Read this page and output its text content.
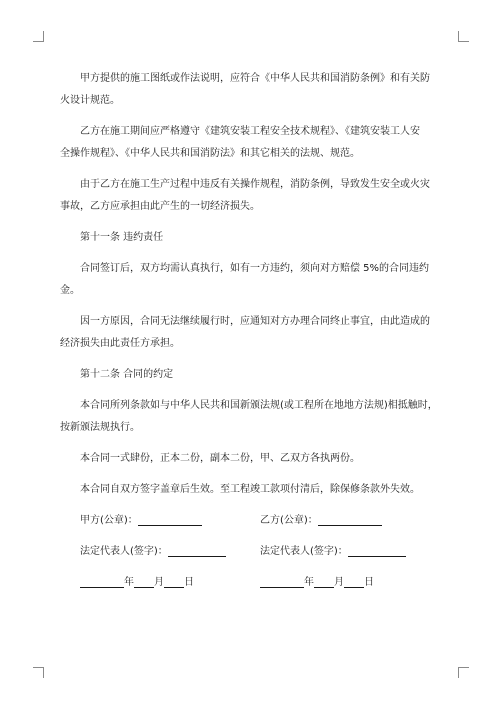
甲方提供的施工图纸或作法说明，应符合《中华人民共和国消防条例》和有关防

火设计规范。

乙方在施工期间应严格遵守《建筑安装工程安全技术规程》、《建筑安装工人安

全操作规程》、《中华人民共和国消防法》和其它相关的法规、规范。

由于乙方在施工生产过程中违反有关操作规程，消防条例，导致发生安全或火灾

事故，乙方应承担由此产生的一切经济损失。

第十一条 违约责任

合同签订后，双方均需认真执行，如有一方违约，须向对方赔偿 5%的合同违约

金。

因一方原因，合同无法继续履行时，应通知对方办理合同终止事宜，由此造成的

经济损失由此责任方承担。

第十二条 合同的约定

本合同所列条款如与中华人民共和国新颁法规(或工程所在地地方法规)相抵触时，

按新颁法规执行。

本合同一式肆份，正本二份，副本二份，甲、乙双方各执两份。

本合同自双方签字盖章后生效。至工程竣工款项付清后，除保修条款外失效。

甲方(公章)：	乙方(公章)：
法定代表人(签字)：	法定代表人(签字)：
年 月 日	年 月 日
